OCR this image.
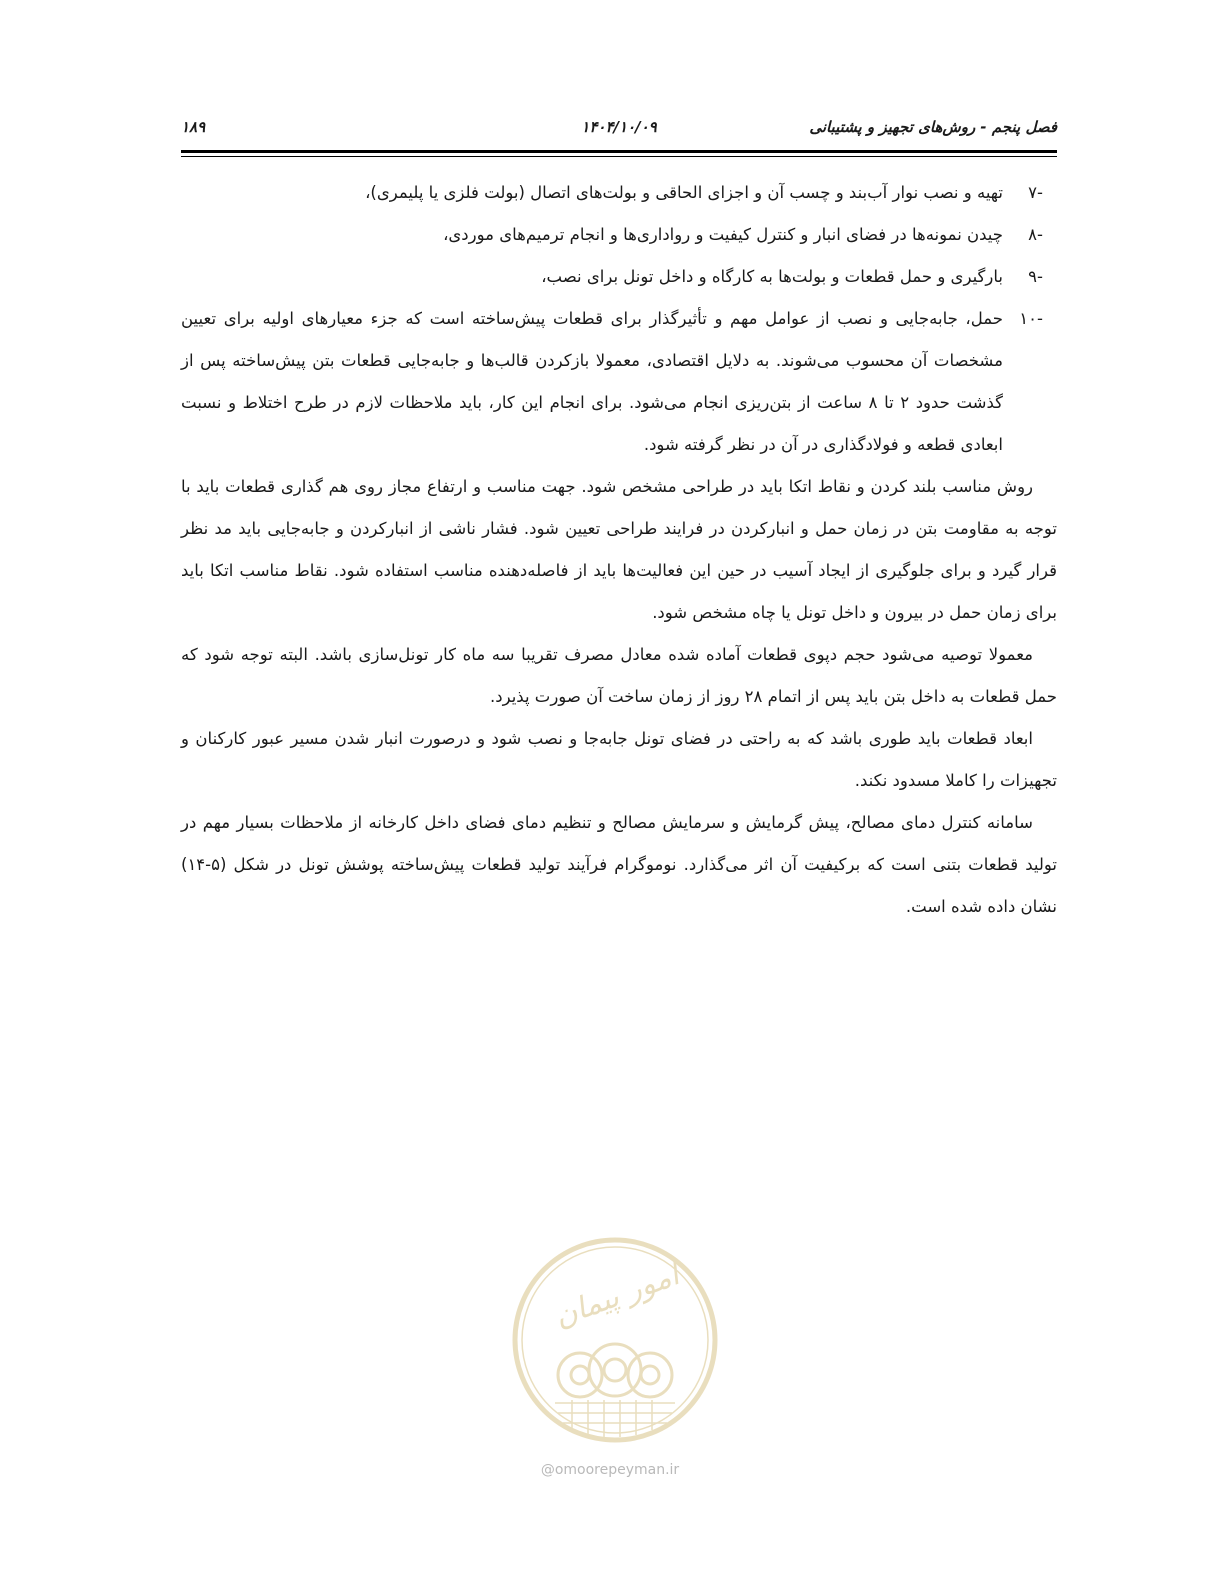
فصل پنجم - روش‌های تجهیز و پشتیبانی
۱۴۰۴/۱۰/۰۹
۱۸۹
-۷
تهیه و نصب نوار آب‌بند و چسب آن و اجزای الحاقی و بولت‌های اتصال (بولت فلزی یا پلیمری)،
-۸
چیدن نمونه‌ها در فضای انبار و کنترل کیفیت و رواداری‌ها و انجام ترمیم‌های موردی،
-۹
بارگیری و حمل قطعات و بولت‌ها به کارگاه و داخل تونل برای نصب،
-۱۰
حمل، جابه‌جایی و نصب از عوامل مهم و تأثیرگذار برای قطعات پیش‌ساخته است که جزء معیارهای اولیه برای تعیین مشخصات آن محسوب می‌شوند. به دلایل اقتصادی، معمولا بازکردن قالب‌ها و جابه‌جایی قطعات بتن پیش‌ساخته پس از گذشت حدود ۲ تا ۸ ساعت از بتن‌ریزی انجام می‌شود. برای انجام این کار، باید ملاحظات لازم در طرح اختلاط و نسبت ابعادی قطعه و فولادگذاری در آن در نظر گرفته شود.

روش مناسب بلند کردن و نقاط اتکا باید در طراحی مشخص شود. جهت مناسب و ارتفاع مجاز روی هم گذاری قطعات باید با توجه به مقاومت بتن در زمان حمل و انبارکردن در فرایند طراحی تعیین شود. فشار ناشی از انبارکردن و جابه‌جایی باید مد نظر قرار گیرد و برای جلوگیری از ایجاد آسیب در حین این فعالیت‌ها باید از فاصله‌دهنده مناسب استفاده شود. نقاط مناسب اتکا باید برای زمان حمل در بیرون و داخل تونل یا چاه مشخص شود.

معمولا توصیه می‌شود حجم دپوی قطعات آماده شده معادل مصرف تقریبا سه ماه کار تونل‌سازی باشد. البته توجه شود که حمل قطعات به داخل بتن باید پس از اتمام ۲۸ روز از زمان ساخت آن صورت پذیرد.

ابعاد قطعات باید طوری باشد که به راحتی در فضای تونل جابه‌جا و نصب شود و درصورت انبار شدن مسیر عبور کارکنان و تجهیزات را کاملا مسدود نکند.

سامانه کنترل دمای مصالح، پیش گرمایش و سرمایش مصالح و تنظیم دمای فضای داخل کارخانه از ملاحظات بسیار مهم در تولید قطعات بتنی است که برکیفیت آن اثر می‌گذارد. نوموگرام فرآیند تولید قطعات پیش‌ساخته پوشش تونل در شکل (۵-۱۴) نشان داده شده است.

امور پیمان
@omoorepeyman.ir
